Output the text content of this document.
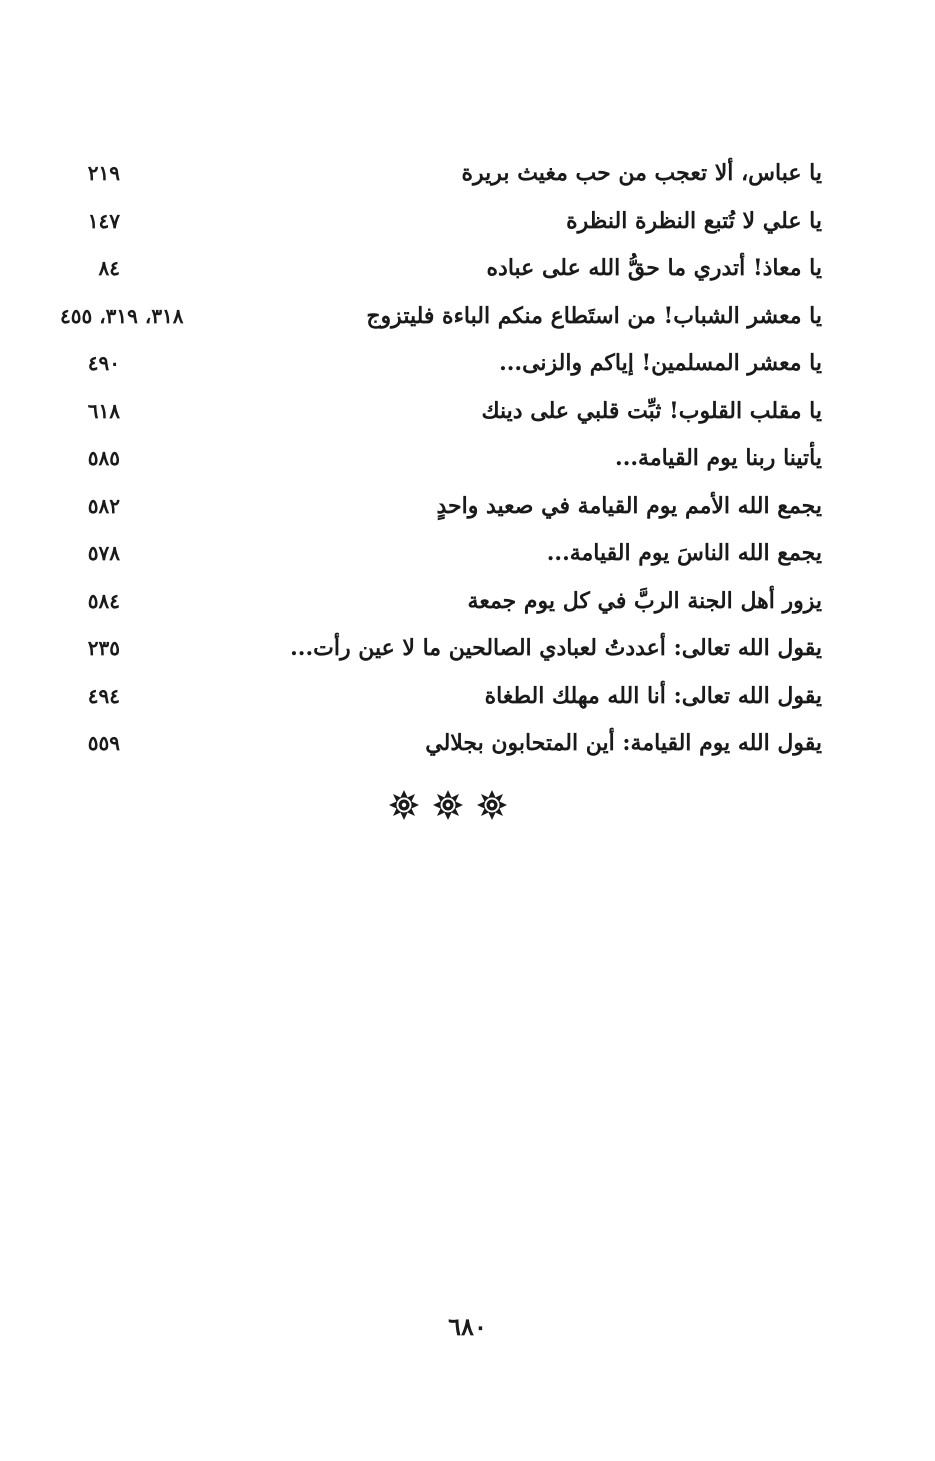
يا عباس، ألا تعجب من حب مغيث بريرة
٢١٩
يا علي لا تُتبع النظرة النظرة
١٤٧
يا معاذ! أتدري ما حقُّ الله على عباده
٨٤
يا معشر الشباب! من استَطاع منكم الباءة فليتزوج
٣١٨، ٣١٩، ٤٥٥
يا معشر المسلمين! إياكم والزنى...
٤٩٠
يا مقلب القلوب! ثبِّت قلبي على دينك
٦١٨
يأتينا ربنا يوم القيامة...
٥٨٥
يجمع الله الأمم يوم القيامة في صعيد واحدٍ
٥٨٢
يجمع الله الناسَ يوم القيامة...
٥٧٨
يزور أهل الجنة الربَّ في كل يوم جمعة
٥٨٤
يقول الله تعالى: أعددتُ لعبادي الصالحين ما لا عين رأت...
٢٣٥
يقول الله تعالى: أنا الله مهلك الطغاة
٤٩٤
يقول الله يوم القيامة: أين المتحابون بجلالي
٥٥٩
٦٨٠
